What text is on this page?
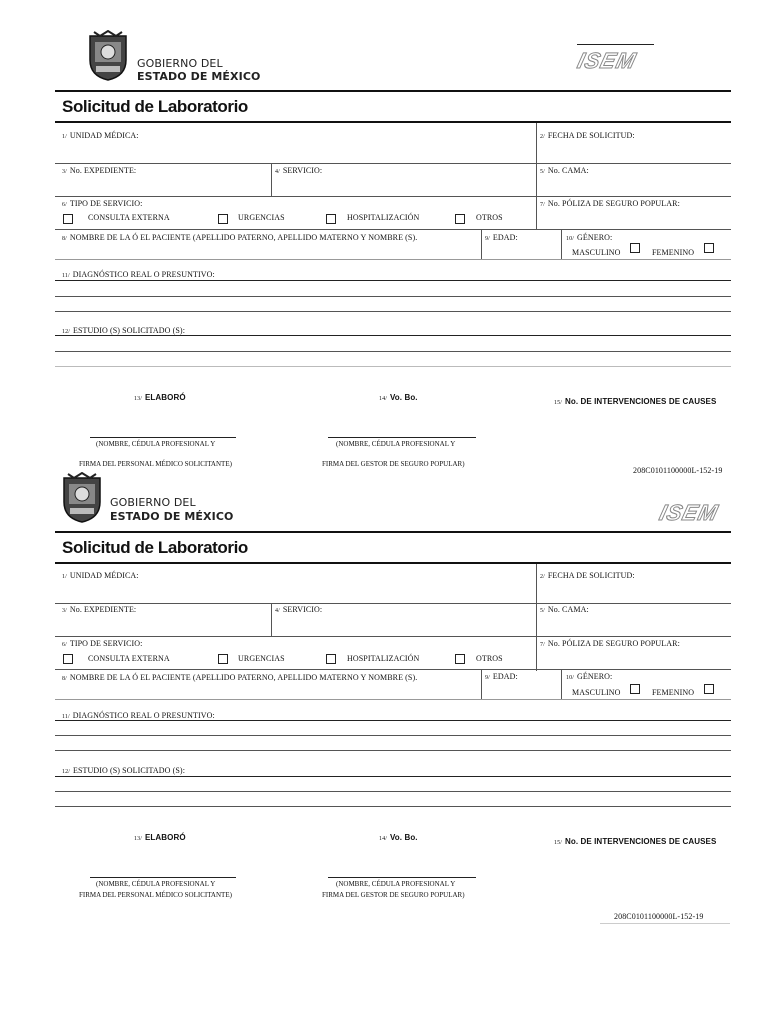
GOBIERNO DEL
ESTADO DE MÉXICO
ISEM
Solicitud de Laboratorio
1/ UNIDAD MÉDICA:	2/ FECHA DE SOLICITUD:
3/ No. EXPEDIENTE:	4/ SERVICIO:	5/ No. CAMA:
6/ TIPO DE SERVICIO:
CONSULTA EXTERNA	URGENCIAS	HOSPITALIZACIÓN	OTROS
7/ No. PÓLIZA DE SEGURO POPULAR:
8/ NOMBRE DE LA Ó EL PACIENTE (APELLIDO PATERNO, APELLIDO MATERNO Y NOMBRE (S).	9/ EDAD:	10/ GÉNERO:
MASCULINO	FEMENINO
11/ DIAGNÓSTICO REAL O PRESUNTIVO:
12/ ESTUDIO (S) SOLICITADO (S):
13/ ELABORÓ	14/ Vo. Bo.
15/ No. DE INTERVENCIONES DE CAUSES
(NOMBRE, CÉDULA PROFESIONAL Y
FIRMA DEL PERSONAL MÉDICO SOLICITANTE)
(NOMBRE, CÉDULA PROFESIONAL Y
FIRMA DEL GESTOR DE SEGURO POPULAR)
208C0101100000L-152-19
GOBIERNO DEL
ESTADO DE MÉXICO	ISEM
Solicitud de Laboratorio
1/ UNIDAD MÉDICA:	2/ FECHA DE SOLICITUD:
3/ No. EXPEDIENTE:	4/ SERVICIO:	5/ No. CAMA:
6/ TIPO DE SERVICIO:
CONSULTA EXTERNA	URGENCIAS	HOSPITALIZACIÓN	OTROS
7/ No. PÓLIZA DE SEGURO POPULAR:
8/ NOMBRE DE LA Ó EL PACIENTE (APELLIDO PATERNO, APELLIDO MATERNO Y NOMBRE (S).	9/ EDAD:	10/ GÉNERO:
MASCULINO	FEMENINO
11/ DIAGNÓSTICO REAL O PRESUNTIVO:
12/ ESTUDIO (S) SOLICITADO (S):
13/ ELABORÓ	14/ Vo. Bo.
15/ No. DE INTERVENCIONES DE CAUSES
(NOMBRE, CÉDULA PROFESIONAL Y
FIRMA DEL PERSONAL MÉDICO SOLICITANTE)
(NOMBRE, CÉDULA PROFESIONAL Y
FIRMA DEL GESTOR DE SEGURO POPULAR)
208C0101100000L-152-19
